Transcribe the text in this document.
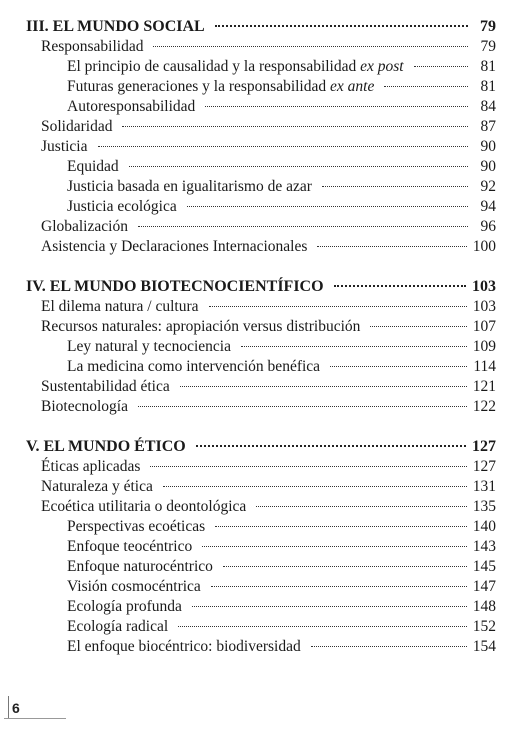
III. EL MUNDO SOCIAL	79
Responsabilidad	79
El principio de causalidad y la responsabilidad ex post	81
Futuras generaciones y la responsabilidad ex ante	81
Autoresponsabilidad	84
Solidaridad	87
Justicia	90
Equidad	90
Justicia basada en igualitarismo de azar	92
Justicia ecológica	94
Globalización	96
Asistencia y Declaraciones Internacionales	100
IV. EL MUNDO BIOTECNOCIENTÍFICO	103
El dilema natura / cultura	103
Recursos naturales: apropiación versus distribución	107
Ley natural y tecnociencia	109
La medicina como intervención benéfica	114
Sustentabilidad ética	121
Biotecnología	122
V. EL MUNDO ÉTICO	127
Éticas aplicadas	127
Naturaleza y ética	131
Ecoética utilitaria o deontológica	135
Perspectivas ecoéticas	140
Enfoque teocéntrico	143
Enfoque naturocéntrico	145
Visión cosmocéntrica	147
Ecología profunda	148
Ecología radical	152
El enfoque biocéntrico: biodiversidad	154
6
